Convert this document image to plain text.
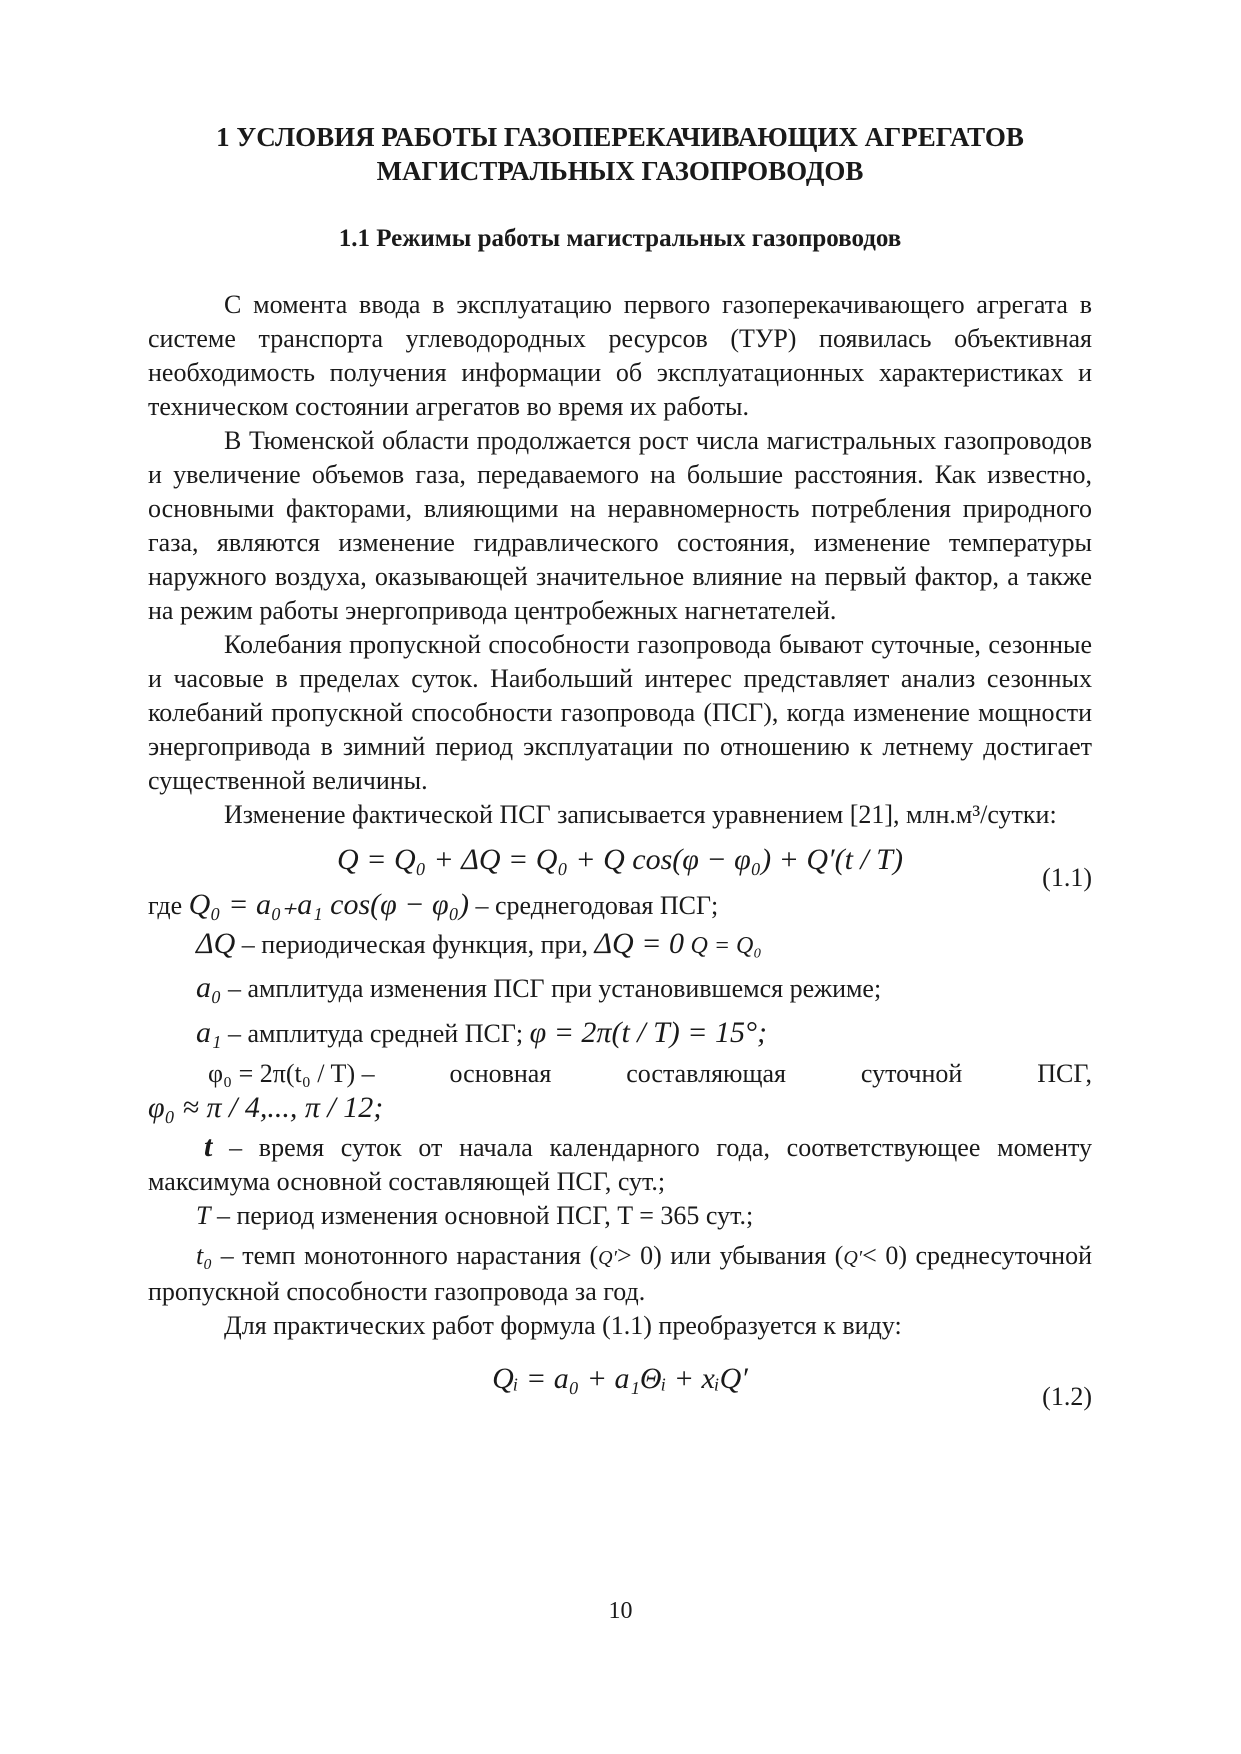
1 УСЛОВИЯ РАБОТЫ ГАЗОПЕРЕКАЧИВАЮЩИХ АГРЕГАТОВ
МАГИСТРАЛЬНЫХ ГАЗОПРОВОДОВ
1.1 Режимы работы магистральных газопроводов

С момента ввода в эксплуатацию первого газоперекачивающего агрегата в системе транспорта углеводородных ресурсов (ТУР) появилась объективная необходимость получения информации об эксплуатационных характеристиках и техническом состоянии агрегатов во время их работы.

В Тюменской области продолжается рост числа магистральных газопроводов и увеличение объемов газа, передаваемого на большие расстояния. Как известно, основными факторами, влияющими на неравномерность потребления природного газа, являются изменение гидравлического состояния, изменение температуры наружного воздуха, оказывающей значительное влияние на первый фактор, а также на режим работы энергопривода центробежных нагнетателей.

Колебания пропускной способности газопровода бывают суточные, сезонные и часовые в пределах суток. Наибольший интерес представляет анализ сезонных колебаний пропускной способности газопровода (ПСГ), когда изменение мощности энергопривода в зимний период эксплуатации по отношению к летнему достигает существенной величины.

Изменение фактической ПСГ записывается уравнением [21], млн.м³/сутки:

Q = Q₀ + ΔQ = Q₀ + Q cos(φ − φ₀) + Q′(t / T)
(1.1)

где Q₀ = a₀₊a₁ cos(φ − φ₀) – среднегодовая ПСГ;

ΔQ – периодическая функция, при, ΔQ = 0 Q = Q₀

a₀ – амплитуда изменения ПСГ при установившемся режиме;

a₁ – амплитуда средней ПСГ; φ = 2π(t / T) = 15°;

φ₀ = 2π(t₀ / T) –	основная	составляющая	суточной	ПСГ,

φ₀ ≈ π / 4,..., π / 12;

t – время суток от начала календарного года, соответствующее моменту максимума основной составляющей ПСГ, сут.;

T – период изменения основной ПСГ, T = 365 сут.;

t₀ – темп монотонного нарастания (Q′> 0) или убывания (Q′< 0) среднесуточной пропускной способности газопровода за год.

Для практических работ формула (1.1) преобразуется к виду:

Qᵢ = a₀ + a₁Θᵢ + xᵢQ′
(1.2)
10
